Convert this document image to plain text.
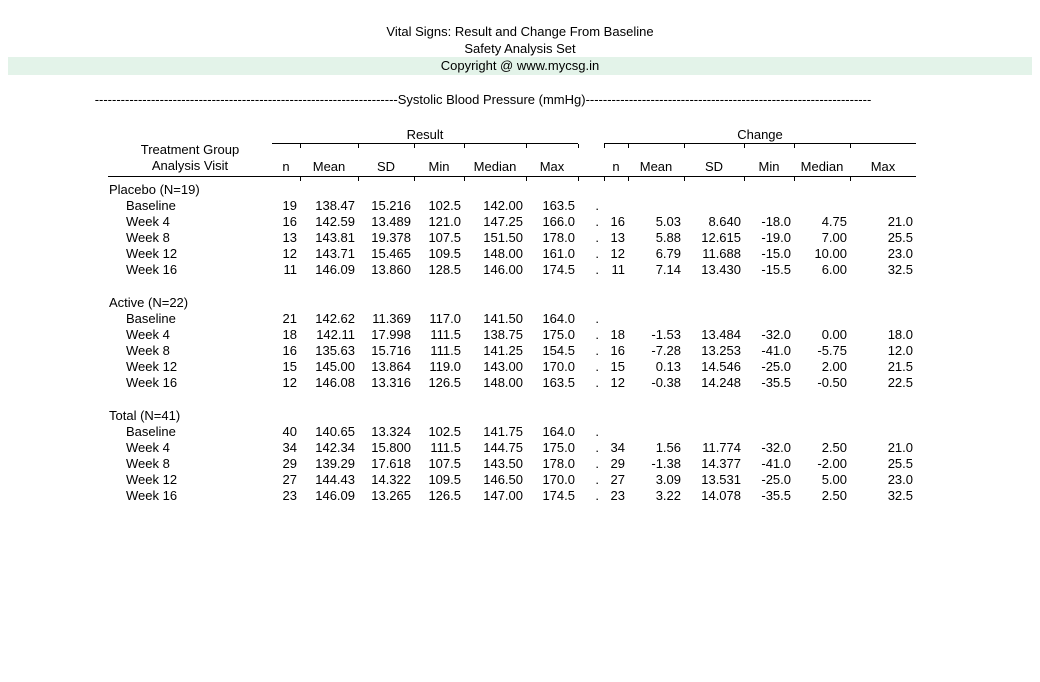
Vital Signs: Result and Change From Baseline
Safety Analysis Set
Copyright @ www.mycsg.in
----------------------------------------------------------------------Systolic Blood Pressure (mmHg)------------------------------------------------------------------
Treatment Group
Analysis Visit	Result							Change					
	n	Mean	SD	Min	Median	Max		n	Mean	SD	Min	Median	Max

Placebo (N=19)													
Baseline	19	138.47	15.216	102.5	142.00	163.5	.						
Week 4	16	142.59	13.489	121.0	147.25	166.0	.	16	5.03	8.640	-18.0	4.75	21.0
Week 8	13	143.81	19.378	107.5	151.50	178.0	.	13	5.88	12.615	-19.0	7.00	25.5
Week 12	12	143.71	15.465	109.5	148.00	161.0	.	12	6.79	11.688	-15.0	10.00	23.0
Week 16	11	146.09	13.860	128.5	146.00	174.5	.	11	7.14	13.430	-15.5	6.00	32.5

Active (N=22)													
Baseline	21	142.62	11.369	117.0	141.50	164.0	.						
Week 4	18	142.11	17.998	111.5	138.75	175.0	.	18	-1.53	13.484	-32.0	0.00	18.0
Week 8	16	135.63	15.716	111.5	141.25	154.5	.	16	-7.28	13.253	-41.0	-5.75	12.0
Week 12	15	145.00	13.864	119.0	143.00	170.0	.	15	0.13	14.546	-25.0	2.00	21.5
Week 16	12	146.08	13.316	126.5	148.00	163.5	.	12	-0.38	14.248	-35.5	-0.50	22.5

Total (N=41)													
Baseline	40	140.65	13.324	102.5	141.75	164.0	.						
Week 4	34	142.34	15.800	111.5	144.75	175.0	.	34	1.56	11.774	-32.0	2.50	21.0
Week 8	29	139.29	17.618	107.5	143.50	178.0	.	29	-1.38	14.377	-41.0	-2.00	25.5
Week 12	27	144.43	14.322	109.5	146.50	170.0	.	27	3.09	13.531	-25.0	5.00	23.0
Week 16	23	146.09	13.265	126.5	147.00	174.5	.	23	3.22	14.078	-35.5	2.50	32.5
